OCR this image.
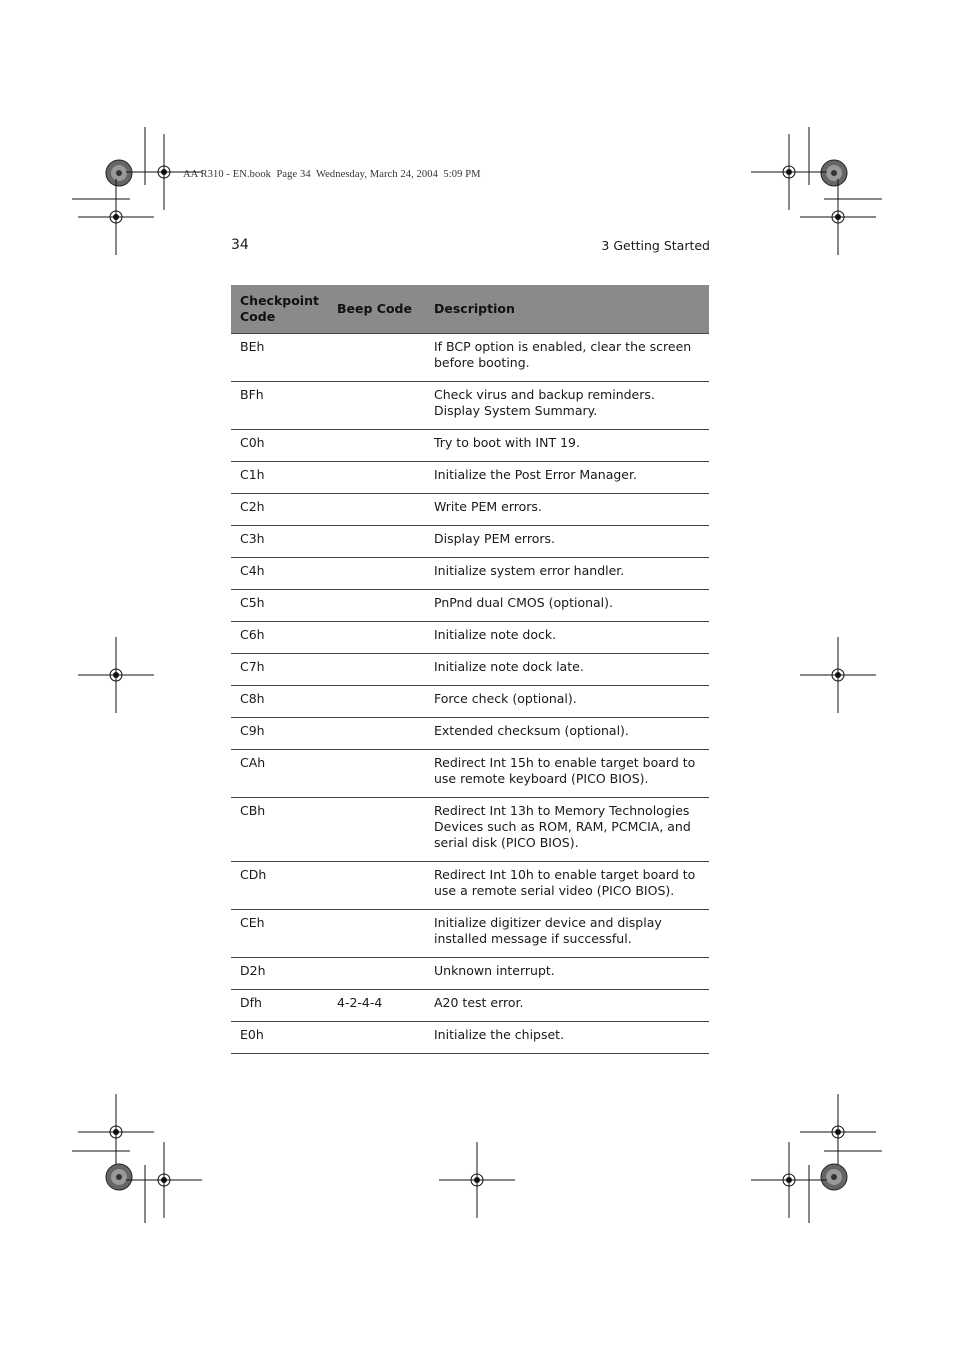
AA R310 - EN.book  Page 34  Wednesday, March 24, 2004  5:09 PM
34	3 Getting Started
Checkpoint Code	Beep Code	Description
BEh		If BCP option is enabled, clear the screen before booting.
BFh		Check virus and backup reminders. Display System Summary.
C0h		Try to boot with INT 19.
C1h		Initialize the Post Error Manager.
C2h		Write PEM errors.
C3h		Display PEM errors.
C4h		Initialize system error handler.
C5h		PnPnd dual CMOS (optional).
C6h		Initialize note dock.
C7h		Initialize note dock late.
C8h		Force check (optional).
C9h		Extended checksum (optional).
CAh		Redirect Int 15h to enable target board to use remote keyboard (PICO BIOS).
CBh		Redirect Int 13h to Memory Technologies Devices such as ROM, RAM, PCMCIA, and serial disk (PICO BIOS).
CDh		Redirect Int 10h to enable target board to use a remote serial video (PICO BIOS).
CEh		Initialize digitizer device and display installed message if successful.
D2h		Unknown interrupt.
Dfh	4-2-4-4	A20 test error.
E0h		Initialize the chipset.
